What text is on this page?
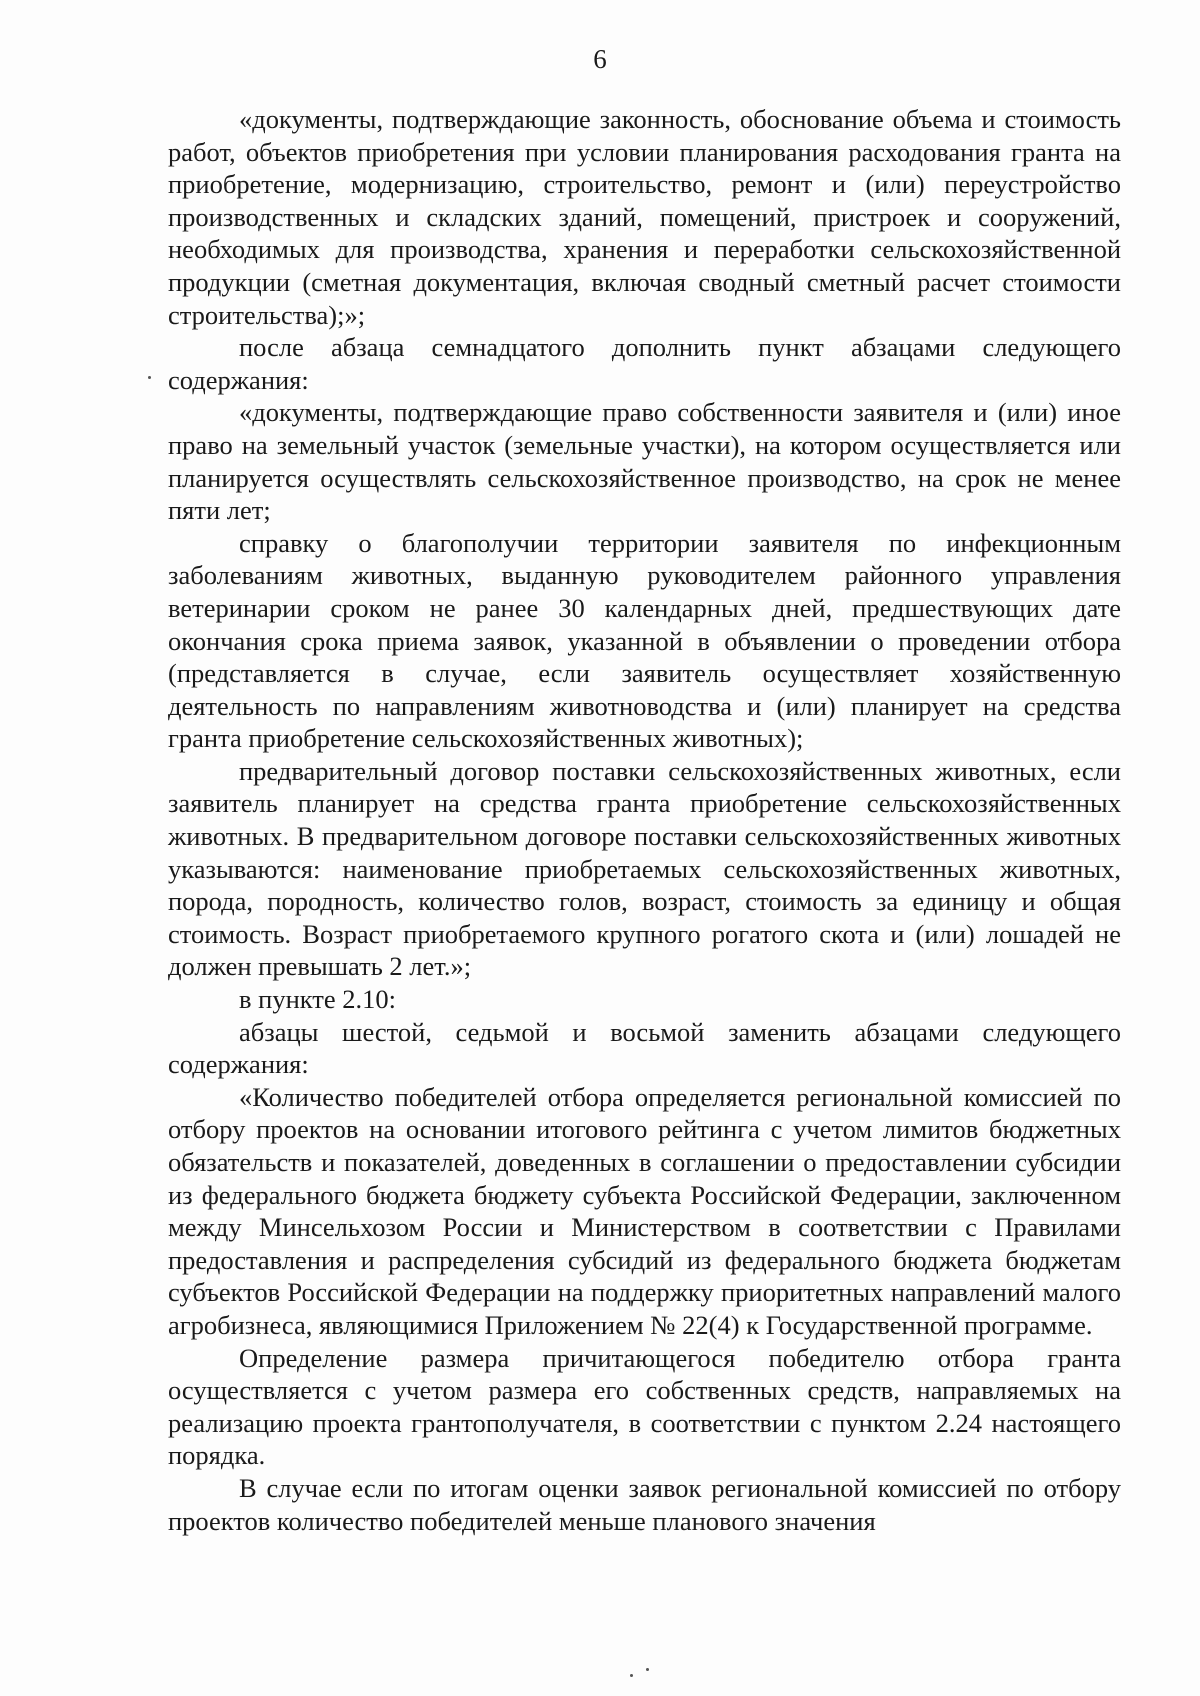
6

«документы, подтверждающие законность, обоснование объема и стоимость работ, объектов приобретения при условии планирования расходования гранта на приобретение, модернизацию, строительство, ремонт и (или) переустройство производственных и складских зданий, помещений, пристроек и сооружений, необходимых для производства, хранения и переработки сельскохозяйственной продукции (сметная документация, включая сводный сметный расчет стоимости строительства);»;

после абзаца семнадцатого дополнить пункт абзацами следующего содержания:

«документы, подтверждающие право собственности заявителя и (или) иное право на земельный участок (земельные участки), на котором осуществляется или планируется осуществлять сельскохозяйственное производство, на срок не менее пяти лет;

справку о благополучии территории заявителя по инфекционным заболеваниям животных, выданную руководителем районного управления ветеринарии сроком не ранее 30 календарных дней, предшествующих дате окончания срока приема заявок, указанной в объявлении о проведении отбора (представляется в случае, если заявитель осуществляет хозяйственную деятельность по направлениям животноводства и (или) планирует на средства гранта приобретение сельскохозяйственных животных);

предварительный договор поставки сельскохозяйственных животных, если заявитель планирует на средства гранта приобретение сельскохозяйственных животных. В предварительном договоре поставки сельскохозяйственных животных указываются: наименование приобретаемых сельскохозяйственных животных, порода, породность, количество голов, возраст, стоимость за единицу и общая стоимость. Возраст приобретаемого крупного рогатого скота и (или) лошадей не должен превышать 2 лет.»;

в пункте 2.10:

абзацы шестой, седьмой и восьмой заменить абзацами следующего содержания:

«Количество победителей отбора определяется региональной комиссией по отбору проектов на основании итогового рейтинга с учетом лимитов бюджетных обязательств и показателей, доведенных в соглашении о предоставлении субсидии из федерального бюджета бюджету субъекта Российской Федерации, заключенном между Минсельхозом России и Министерством в соответствии с Правилами предоставления и распределения субсидий из федерального бюджета бюджетам субъектов Российской Федерации на поддержку приоритетных направлений малого агробизнеса, являющимися Приложением № 22(4) к Государственной программе.

Определение размера причитающегося победителю отбора гранта осуществляется с учетом размера его собственных средств, направляемых на реализацию проекта грантополучателя, в соответствии с пунктом 2.24 настоящего порядка.

В случае если по итогам оценки заявок региональной комиссией по отбору проектов количество победителей меньше планового значения
